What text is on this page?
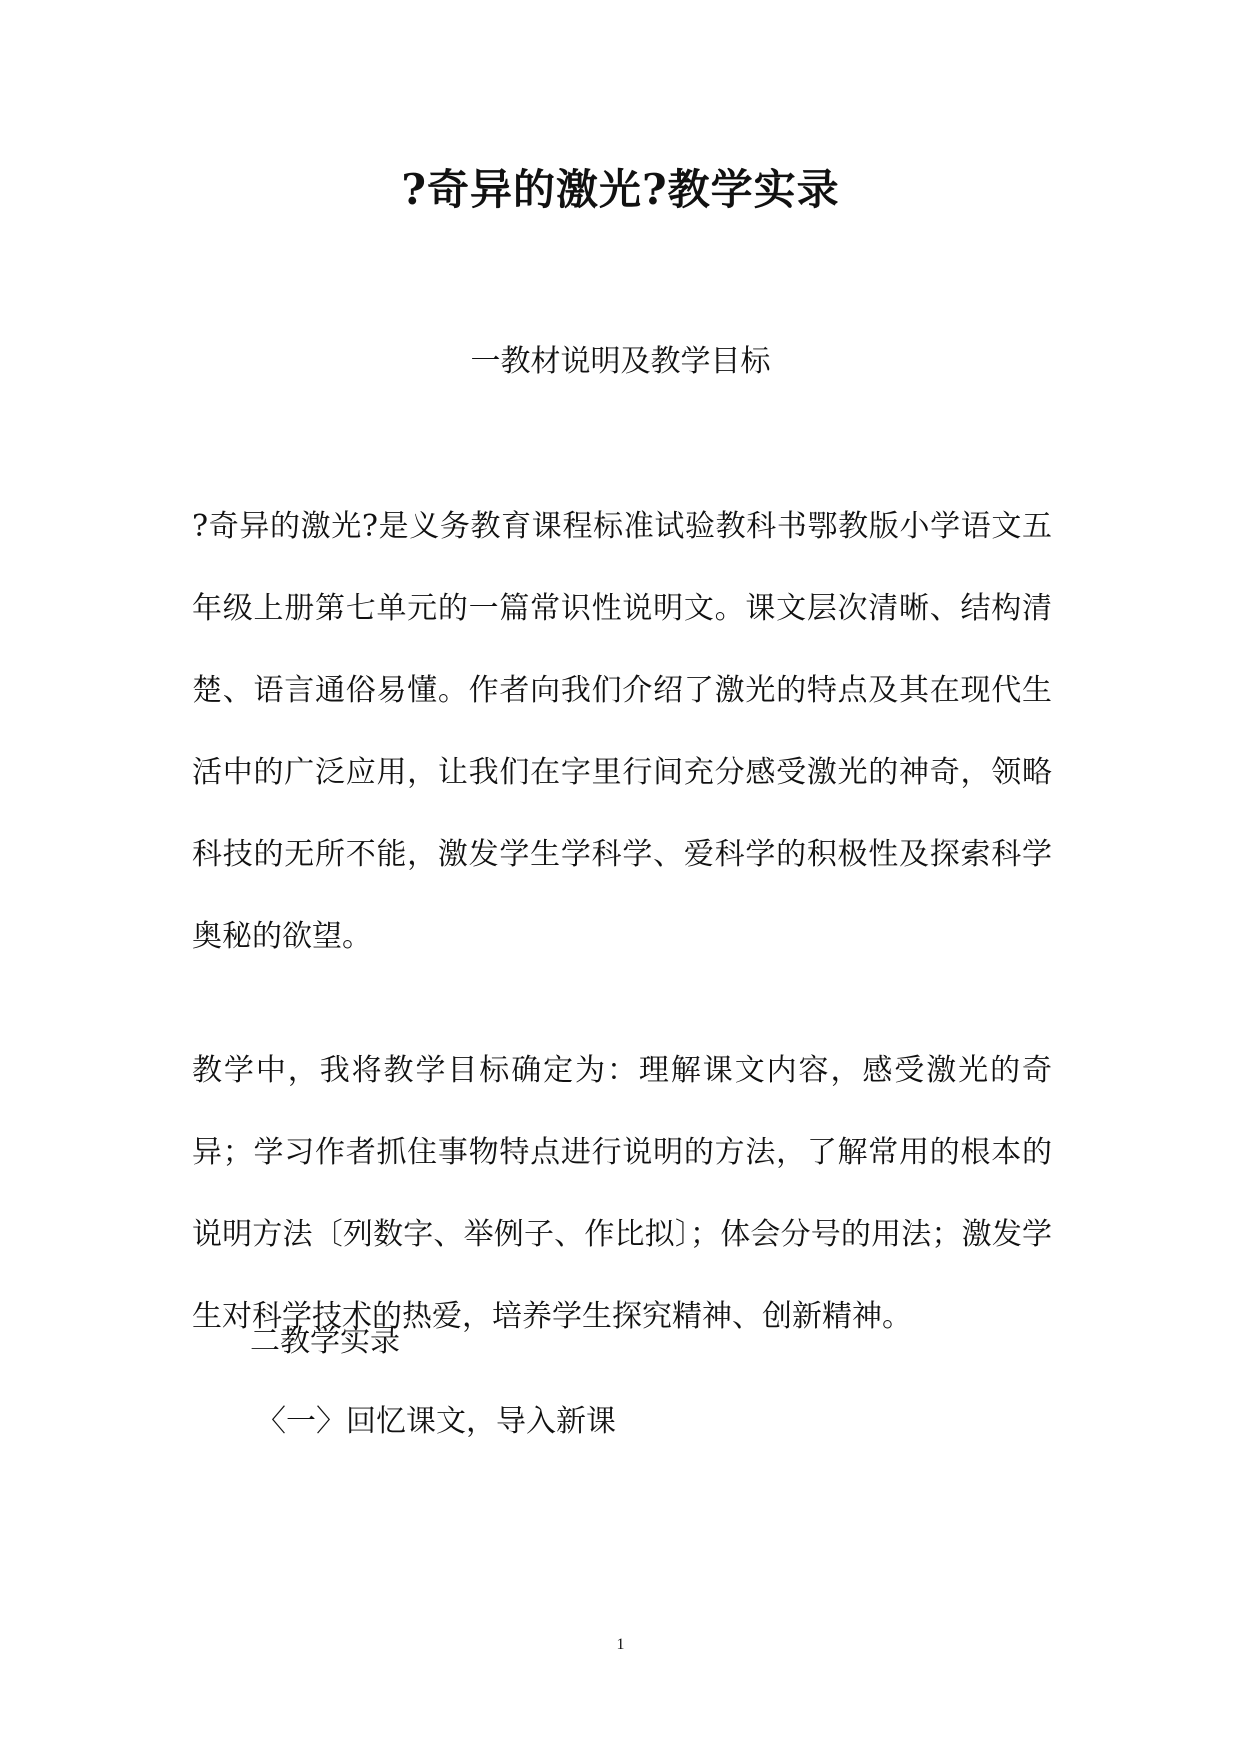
?奇异的激光?教学实录
一教材说明及教学目标

?奇异的激光?是义务教育课程标准试验教科书鄂教版小学语文五年级上册第七单元的一篇常识性说明文。课文层次清晰、结构清楚、语言通俗易懂。作者向我们介绍了激光的特点及其在现代生活中的广泛应用，让我们在字里行间充分感受激光的神奇，领略科技的无所不能，激发学生学科学、爱科学的积极性及探索科学奥秘的欲望。

教学中，我将教学目标确定为：理解课文内容，感受激光的奇异；学习作者抓住事物特点进行说明的方法，了解常用的根本的说明方法〔列数字、举例子、作比拟〕；体会分号的用法；激发学生对科学技术的热爱，培养学生探究精神、创新精神。

二教学实录
〈一〉回忆课文，导入新课
1
